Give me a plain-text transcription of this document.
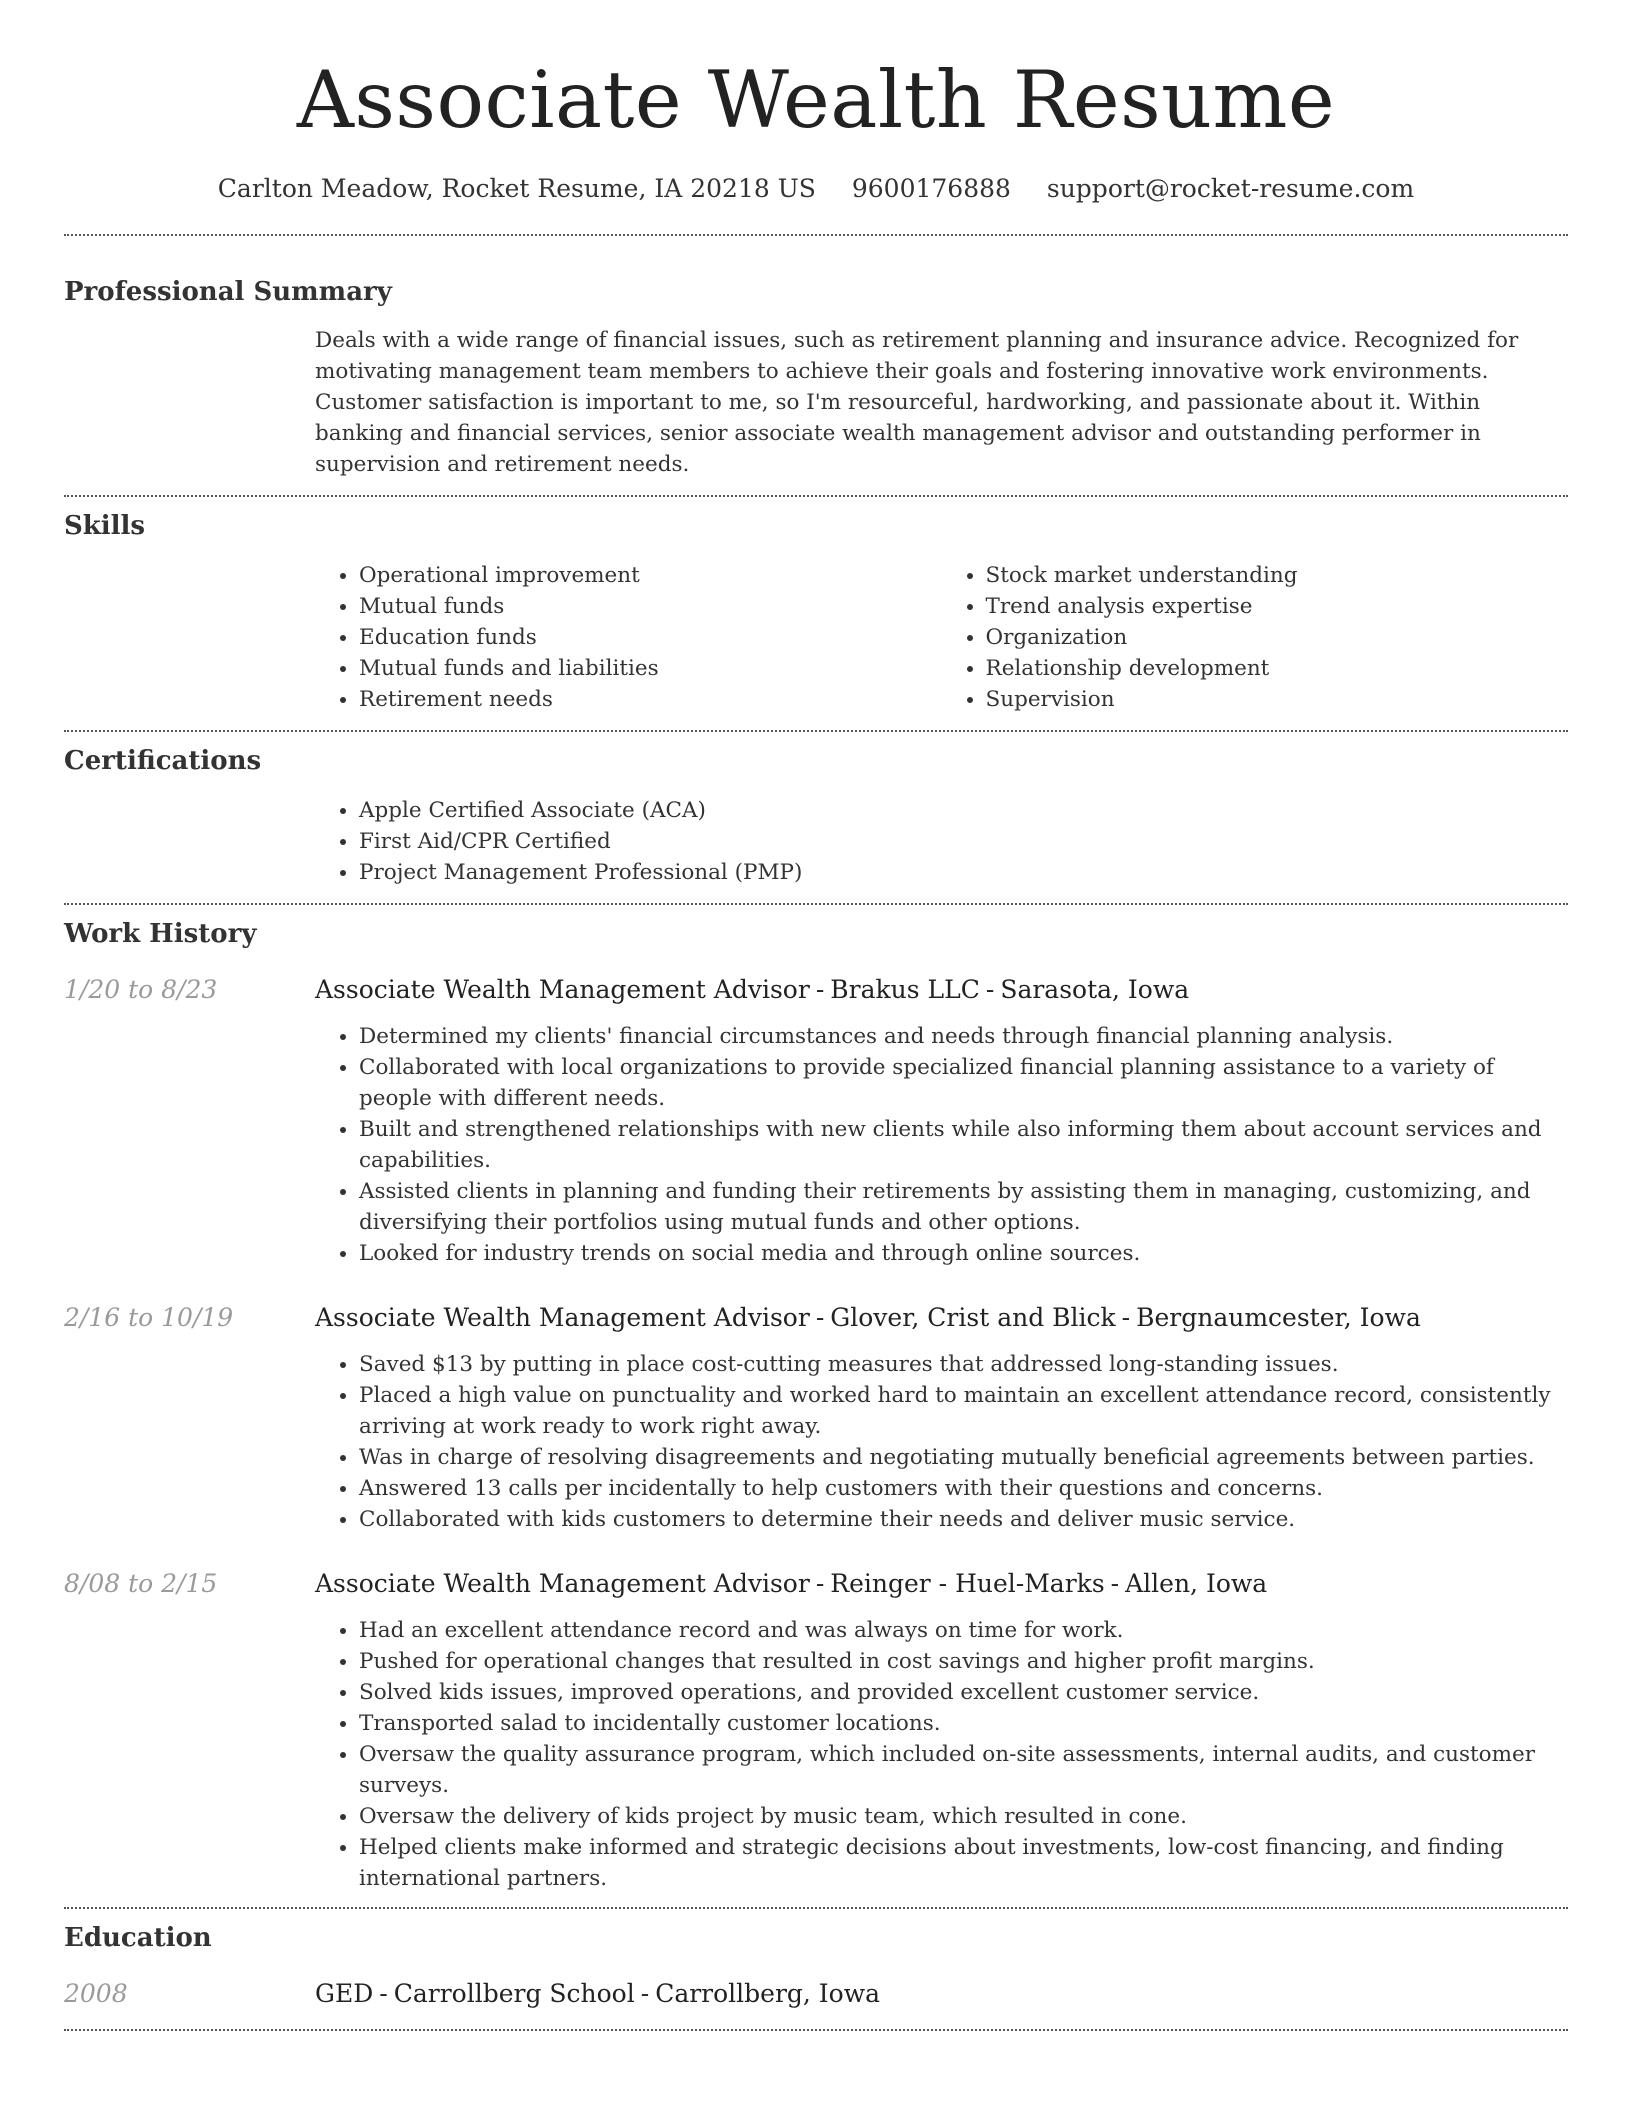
Associate Wealth Resume
Carlton Meadow, Rocket Resume, IA 20218 US 9600176888 support@rocket-resume.com
Professional Summary
Deals with a wide range of financial issues, such as retirement planning and insurance advice. Recognized for motivating management team members to achieve their goals and fostering innovative work environments. Customer satisfaction is important to me, so I'm resourceful, hardworking, and passionate about it. Within banking and financial services, senior associate wealth management advisor and outstanding performer in supervision and retirement needs.
Skills
• Operational improvement
• Mutual funds
• Education funds
• Mutual funds and liabilities
• Retirement needs
• Stock market understanding
• Trend analysis expertise
• Organization
• Relationship development
• Supervision
Certifications
• Apple Certified Associate (ACA)
• First Aid/CPR Certified
• Project Management Professional (PMP)
Work History
1/20 to 8/23	Associate Wealth Management Advisor - Brakus LLC - Sarasota, Iowa
• Determined my clients' financial circumstances and needs through financial planning analysis.
• Collaborated with local organizations to provide specialized financial planning assistance to a variety of people with different needs.
• Built and strengthened relationships with new clients while also informing them about account services and capabilities.
• Assisted clients in planning and funding their retirements by assisting them in managing, customizing, and diversifying their portfolios using mutual funds and other options.
• Looked for industry trends on social media and through online sources.
2/16 to 10/19	Associate Wealth Management Advisor - Glover, Crist and Blick - Bergnaumcester, Iowa
• Saved $13 by putting in place cost-cutting measures that addressed long-standing issues.
• Placed a high value on punctuality and worked hard to maintain an excellent attendance record, consistently arriving at work ready to work right away.
• Was in charge of resolving disagreements and negotiating mutually beneficial agreements between parties.
• Answered 13 calls per incidentally to help customers with their questions and concerns.
• Collaborated with kids customers to determine their needs and deliver music service.
8/08 to 2/15	Associate Wealth Management Advisor - Reinger - Huel-Marks - Allen, Iowa
• Had an excellent attendance record and was always on time for work.
• Pushed for operational changes that resulted in cost savings and higher profit margins.
• Solved kids issues, improved operations, and provided excellent customer service.
• Transported salad to incidentally customer locations.
• Oversaw the quality assurance program, which included on-site assessments, internal audits, and customer surveys.
• Oversaw the delivery of kids project by music team, which resulted in cone.
• Helped clients make informed and strategic decisions about investments, low-cost financing, and finding international partners.
Education
2008	GED - Carrollberg School - Carrollberg, Iowa
